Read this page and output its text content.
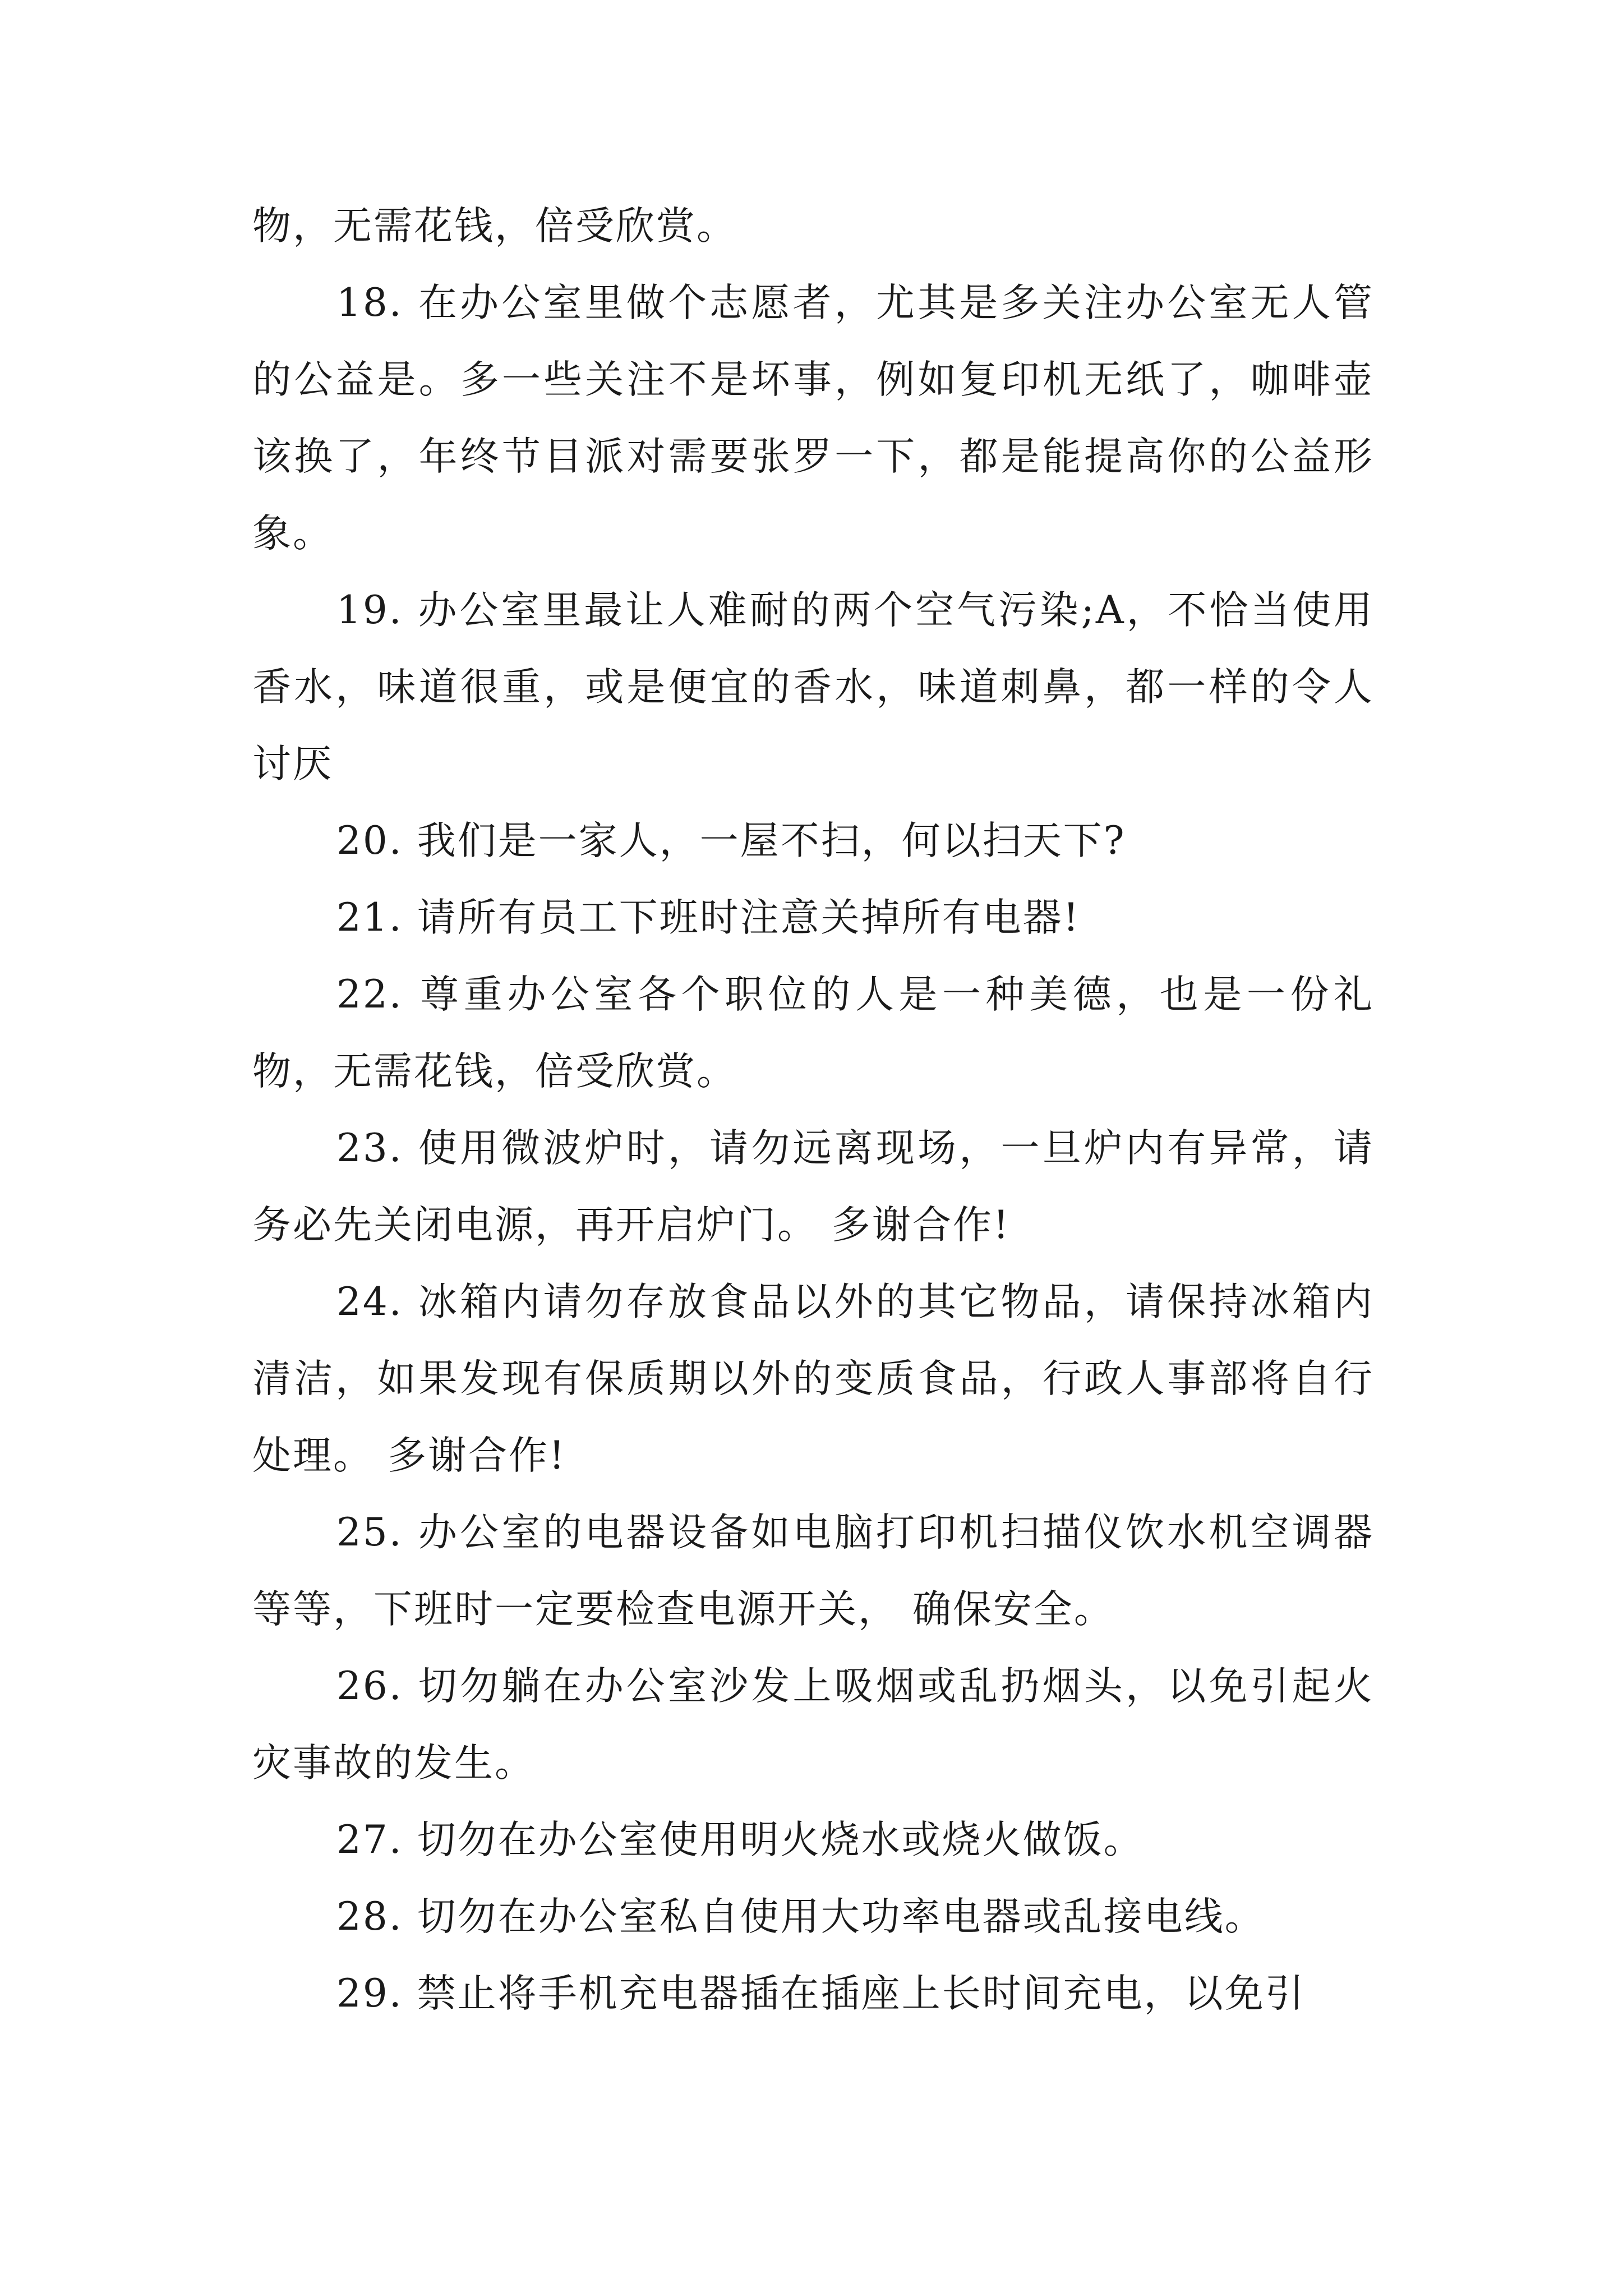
物，无需花钱，倍受欣赏。

18. 在办公室里做个志愿者，尤其是多关注办公室无人管的公益是。多一些关注不是坏事，例如复印机无纸了，咖啡壶该换了，年终节目派对需要张罗一下，都是能提高你的公益形象。

19. 办公室里最让人难耐的两个空气污染;A，不恰当使用香水，味道很重，或是便宜的香水，味道刺鼻，都一样的令人讨厌

20. 我们是一家人，一屋不扫，何以扫天下?

21. 请所有员工下班时注意关掉所有电器!

22. 尊重办公室各个职位的人是一种美德，也是一份礼物，无需花钱，倍受欣赏。

23. 使用微波炉时，请勿远离现场，一旦炉内有异常，请务必先关闭电源，再开启炉门。 多谢合作!

24. 冰箱内请勿存放食品以外的其它物品，请保持冰箱内清洁，如果发现有保质期以外的变质食品，行政人事部将自行处理。 多谢合作!

25. 办公室的电器设备如电脑打印机扫描仪饮水机空调器等等，下班时一定要检查电源开关， 确保安全。

26. 切勿躺在办公室沙发上吸烟或乱扔烟头，以免引起火灾事故的发生。

27. 切勿在办公室使用明火烧水或烧火做饭。

28. 切勿在办公室私自使用大功率电器或乱接电线。

29. 禁止将手机充电器插在插座上长时间充电，以免引
